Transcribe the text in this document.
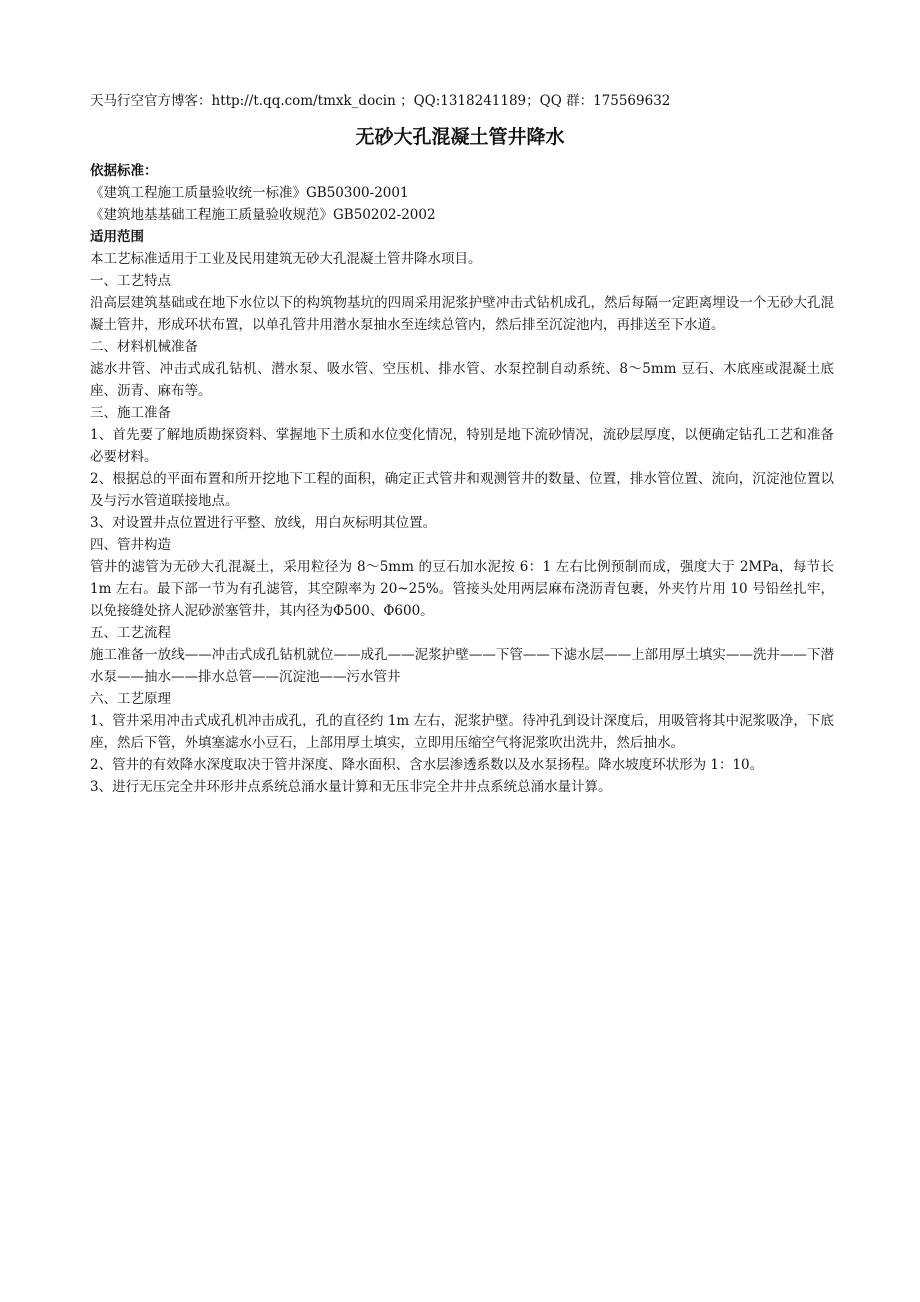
天马行空官方博客：http://t.qq.com/tmxk_docin ；QQ:1318241189；QQ 群：175569632
无砂大孔混凝土管井降水

依据标准：

《建筑工程施工质量验收统一标准》GB50300-2001

《建筑地基基础工程施工质量验收规范》GB50202-2002

适用范围

本工艺标准适用于工业及民用建筑无砂大孔混凝土管井降水项目。

一、工艺特点

沿高层建筑基础或在地下水位以下的构筑物基坑的四周采用泥浆护壁冲击式钻机成孔，然后每隔一定距离埋设一个无砂大孔混凝土管井，形成环状布置，以单孔管井用潜水泵抽水至连续总管内，然后排至沉淀池内，再排送至下水道。

二、材料机械准备

滤水井管、冲击式成孔钻机、潜水泵、吸水管、空压机、排水管、水泵控制自动系统、8～5mm 豆石、木底座或混凝土底座、沥青、麻布等。

三、施工准备

1、首先要了解地质勘探资料、掌握地下土质和水位变化情况，特别是地下流砂情况，流砂层厚度，以便确定钻孔工艺和准备必要材料。

2、根据总的平面布置和所开挖地下工程的面积，确定正式管井和观测管井的数量、位置，排水管位置、流向，沉淀池位置以及与污水管道联接地点。

3、对设置井点位置进行平整、放线，用白灰标明其位置。

四、管井构造

管井的滤管为无砂大孔混凝土，采用粒径为 8～5mm 的豆石加水泥按 6：1 左右比例预制而成，强度大于 2MPa，每节长 1m 左右。最下部一节为有孔滤管，其空隙率为 20~25%。管接头处用两层麻布浇沥青包裹，外夹竹片用 10 号铅丝扎牢，以免接缝处挤人泥砂淤塞管井，其内径为Φ500、Φ600。

五、工艺流程

施工准备一放线——冲击式成孔钻机就位——成孔——泥浆护壁——下管——下滤水层——上部用厚土填实——洗井——下潜水泵——抽水——排水总管——沉淀池——污水管井

六、工艺原理

1、管井采用冲击式成孔机冲击成孔，孔的直径约 1m 左右，泥浆护壁。待冲孔到设计深度后，用吸管将其中泥浆吸净，下底座，然后下管，外填塞滤水小豆石，上部用厚土填实，立即用压缩空气将泥浆吹出洗井，然后抽水。

2、管井的有效降水深度取决于管井深度、降水面积、含水层渗透系数以及水泵扬程。降水坡度环状形为 1：10。

3、进行无压完全井环形井点系统总涌水量计算和无压非完全井井点系统总涌水量计算。
